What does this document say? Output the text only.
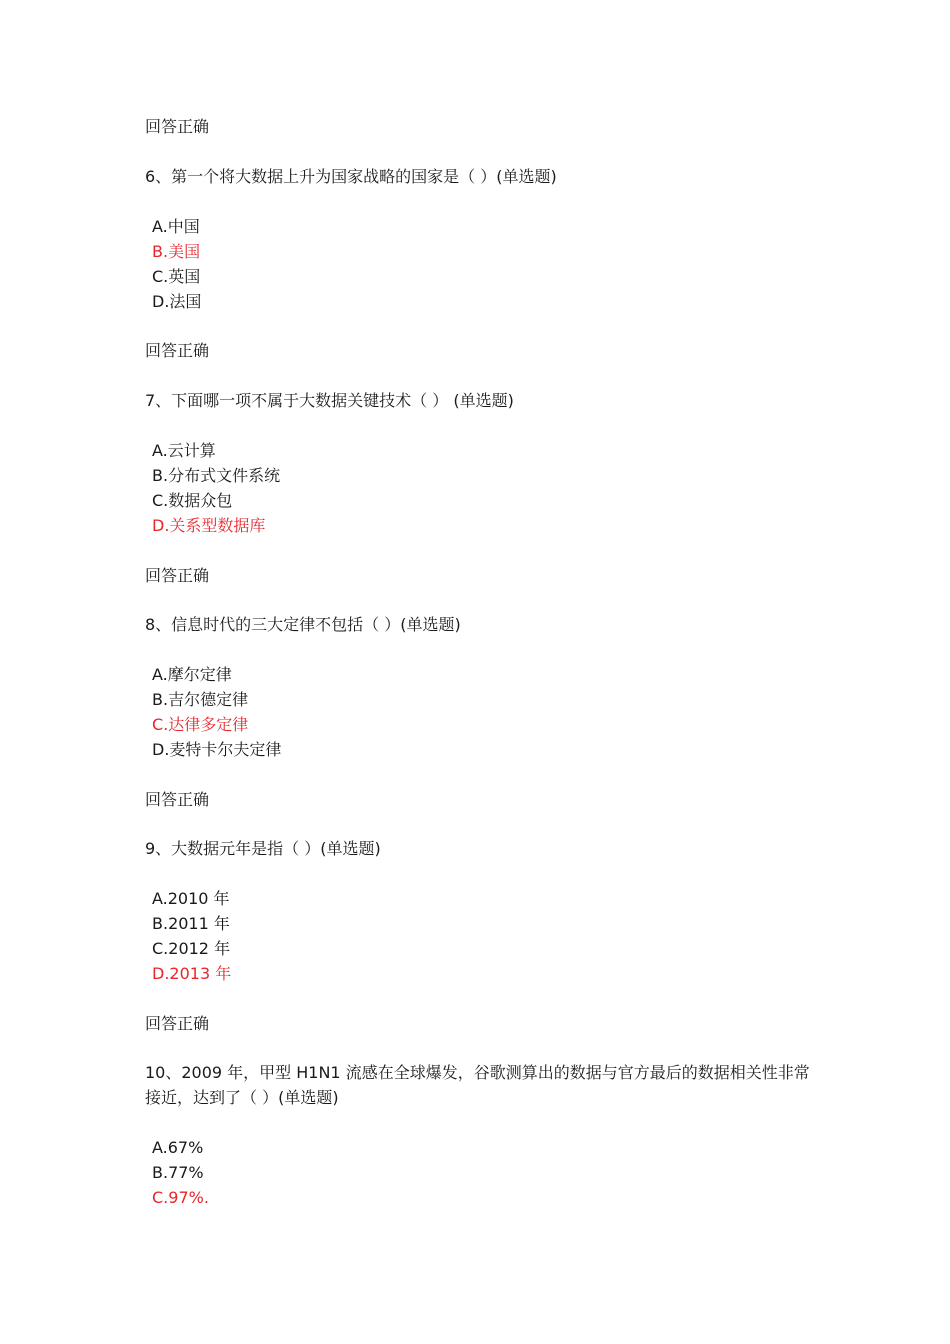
回答正确
6、第一个将大数据上升为国家战略的国家是（ ）(单选题)
A.中国
B.美国
C.英国
D.法国
回答正确
7、下面哪一项不属于大数据关键技术（ ） (单选题)
A.云计算
B.分布式文件系统
C.数据众包
D.关系型数据库
回答正确
8、信息时代的三大定律不包括（ ）(单选题)
A.摩尔定律
B.吉尔德定律
C.达律多定律
D.麦特卡尔夫定律
回答正确
9、大数据元年是指（ ）(单选题)
A.2010 年
B.2011 年
C.2012 年
D.2013 年
回答正确
10、2009 年，甲型 H1N1 流感在全球爆发，谷歌测算出的数据与官方最后的数据相关性非常接近，达到了（ ）(单选题)
A.67%
B.77%
C.97%.
